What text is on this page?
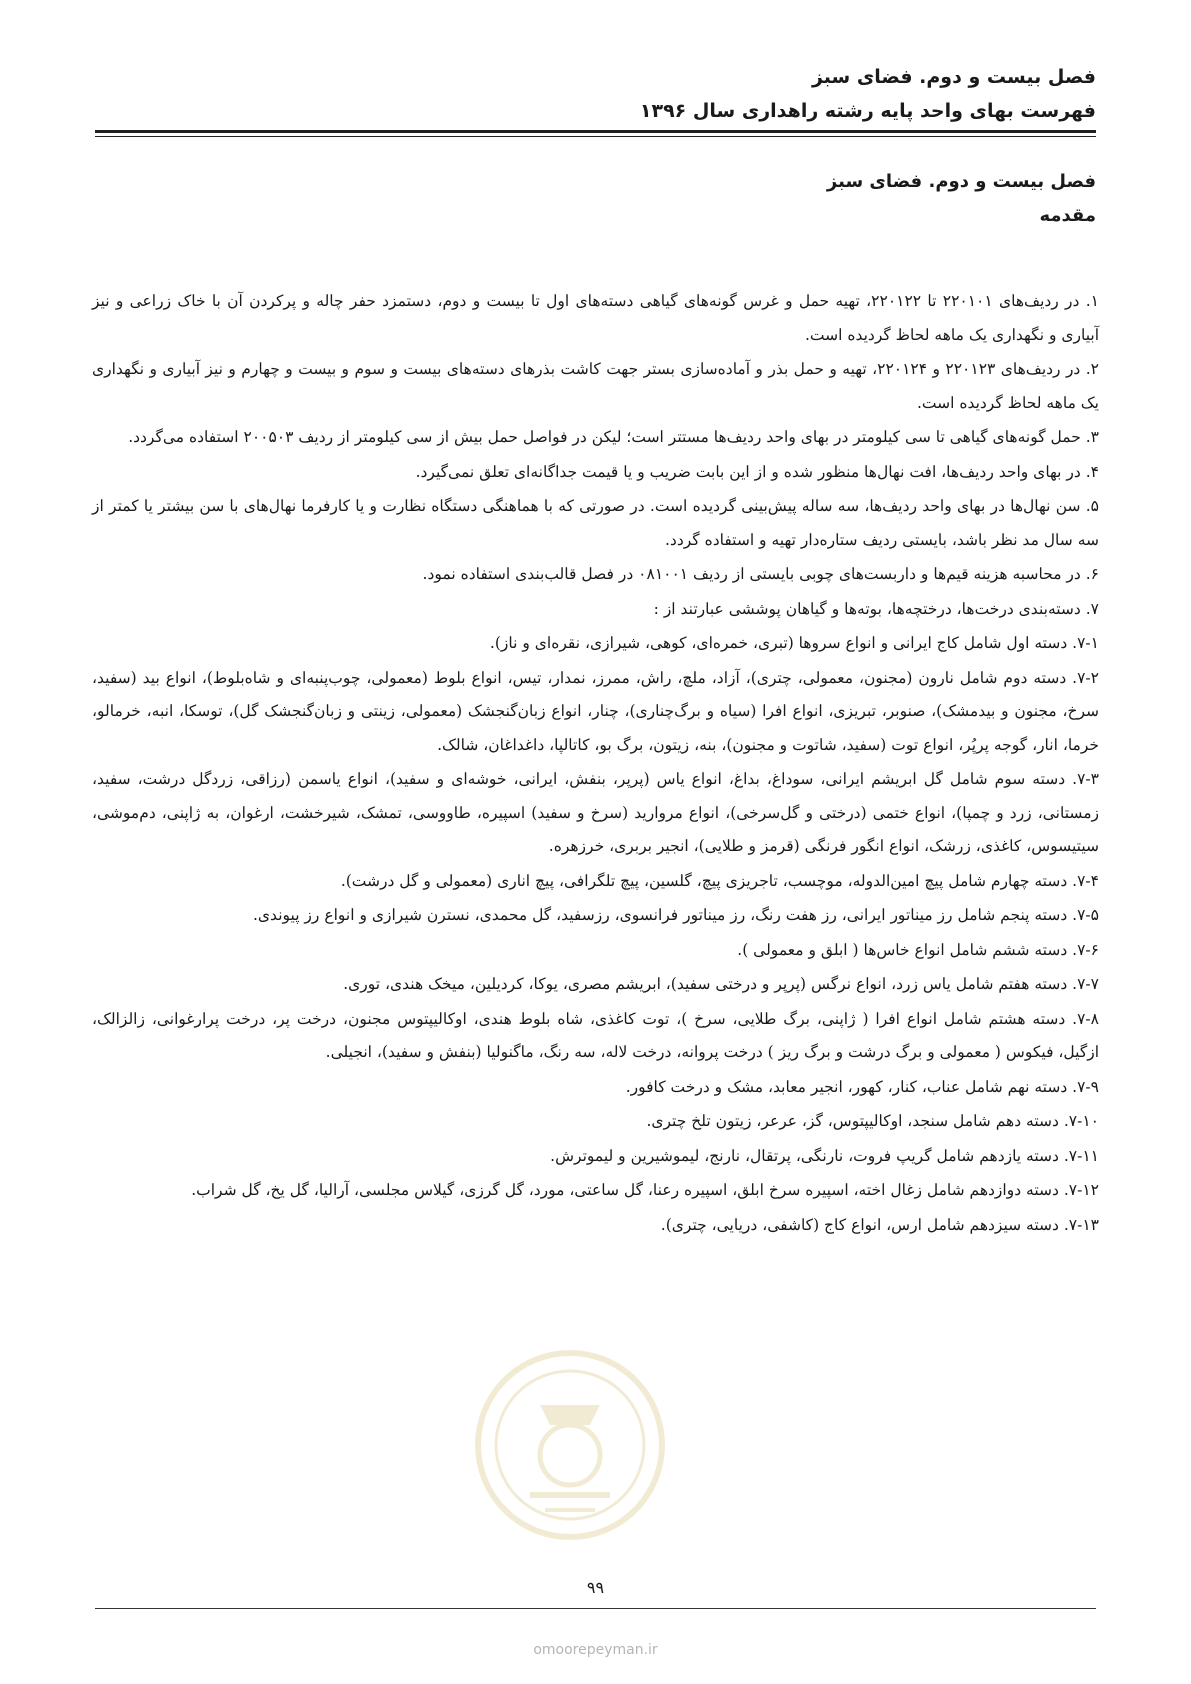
فصل بیست و دوم. فضای سبز
فهرست بهای واحد پایه رشته راهداری سال ۱۳۹۶
فصل بیست و دوم. فضای سبز
مقدمه

۱. در ردیف‌های ۲۲۰۱۰۱ تا ۲۲۰۱۲۲، تهیه حمل و غرس گونه‌های گیاهی دسته‌های اول تا بیست و دوم، دستمزد حفر چاله و پرکردن آن با خاک زراعی و نیز آبیاری و نگهداری یک ماهه لحاظ گردیده است.

۲. در ردیف‌های ۲۲۰۱۲۳ و ۲۲۰۱۲۴، تهیه و حمل بذر و آماده‌سازی بستر جهت کاشت بذرهای دسته‌های بیست و سوم و بیست و چهارم و نیز آبیاری و نگهداری یک ماهه لحاظ گردیده است.

۳. حمل گونه‌های گیاهی تا سی کیلومتر در بهای واحد ردیف‌ها مستتر است؛ لیکن در فواصل حمل بیش از سی کیلومتر از ردیف ۲۰۰۵۰۳ استفاده می‌گردد.

۴. در بهای واحد ردیف‌ها، افت نهال‌ها منظور شده و از این بابت ضریب و یا قیمت جداگانه‌ای تعلق نمی‌گیرد.

۵. سن نهال‌ها در بهای واحد ردیف‌ها، سه ساله پیش‌بینی گردیده است. در صورتی که با هماهنگی دستگاه نظارت و یا کارفرما نهال‌های با سن بیشتر یا کمتر از سه سال مد نظر باشد، بایستی ردیف ستاره‌دار تهیه و استفاده گردد.

۶. در محاسبه هزینه قیم‌ها و داربست‌های چوبی بایستی از ردیف ۰۸۱۰۰۱ در فصل قالب‌بندی استفاده نمود.

۷. دسته‌بندی درخت‌ها، درختچه‌ها، بوته‌ها و گیاهان پوششی عبارتند از :

۷-۱. دسته اول شامل کاج ایرانی و انواع سروها (تبری، خمره‌ای، کوهی، شیرازی، نقره‌ای و ناز).

۷-۲. دسته دوم شامل نارون (مجنون، معمولی، چتری)، آزاد، ملچ، راش، ممرز، نمدار، تیس، انواع بلوط (معمولی، چوب‌پنبه‌ای و شاه‌بلوط)، انواع بید (سفید، سرخ، مجنون و بیدمشک)، صنوبر، تبریزی، انواع افرا (سیاه و برگ‌چناری)، چنار، انواع زبان‌گنجشک (معمولی، زینتی و زبان‌گنجشک گل)، توسکا، انبه، خرمالو، خرما، انار، گوجه پرپُر، انواع توت (سفید، شاتوت و مجنون)، بنه، زیتون، برگ بو، کاتالپا، داغداغان، شالک.

۷-۳. دسته سوم شامل گل ابریشم ایرانی، سوداغ، بداغ، انواع یاس (پرپر، بنفش، ایرانی، خوشه‌ای و سفید)، انواع یاسمن (رزاقی، زردگل درشت، سفید، زمستانی، زرد و چمپا)، انواع ختمی (درختی و گل‌سرخی)، انواع مروارید (سرخ و سفید) اسپیره، طاووسی، تمشک، شیرخشت، ارغوان، به ژاپنی، دم‌موشی، سیتیسوس، کاغذی، زرشک، انواع انگور فرنگی (قرمز و طلایی)، انجیر بربری، خرزهره.

۷-۴. دسته چهارم شامل پیچ امین‌الدوله، موچسب، تاجریزی پیچ، گلسین، پیچ تلگرافی، پیچ اناری (معمولی و گل درشت).

۷-۵. دسته پنجم شامل رز میناتور ایرانی، رز هفت رنگ، رز میناتور فرانسوی، رزسفید، گل محمدی، نسترن شیرازی و انواع رز پیوندی.

۷-۶. دسته ششم شامل انواع خاس‌ها ( ابلق و معمولی ).

۷-۷. دسته هفتم شامل یاس زرد، انواع نرگس (پرپر و درختی سفید)، ابریشم مصری، یوکا، کردیلین، میخک هندی، توری.

۷-۸. دسته هشتم شامل انواع افرا ( ژاپنی، برگ طلایی، سرخ )، توت کاغذی، شاه بلوط هندی، اوکالیپتوس مجنون، درخت پر، درخت پرارغوانی، زالزالک، ازگیل، فیکوس ( معمولی و برگ درشت و برگ ریز ) درخت پروانه، درخت لاله، سه رنگ، ماگنولیا (بنفش و سفید)، انجیلی.

۷-۹. دسته نهم شامل عناب، کنار، کهور، انجیر معابد، مشک و درخت کافور.

۷-۱۰. دسته دهم شامل سنجد، اوکالیپتوس، گز، عرعر، زیتون تلخ چتری.

۷-۱۱. دسته یازدهم شامل گریپ فروت، نارنگی، پرتقال، نارنج، لیموشیرین و لیموترش.

۷-۱۲. دسته دوازدهم شامل زغال اخته، اسپیره سرخ ابلق، اسپیره رعنا، گل ساعتی، مورد، گل گرزی، گیلاس مجلسی، آرالیا، گل یخ، گل شراب.

۷-۱۳. دسته سیزدهم شامل ارس، انواع کاج (کاشفی، دریایی، چتری).

۹۹
omoorepeyman.ir
